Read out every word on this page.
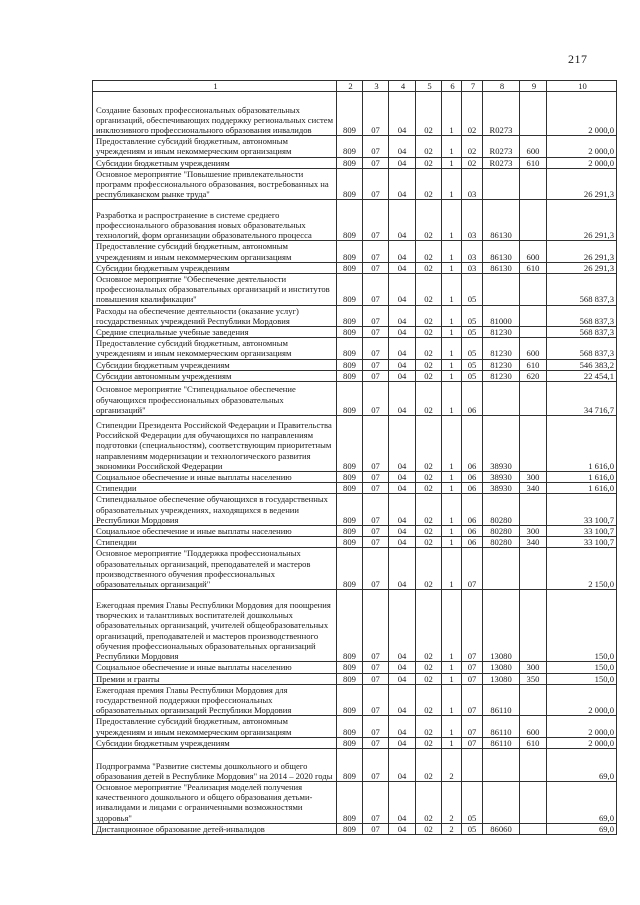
217
1	2	3	4	5	6	7	8	9	10
Создание базовых профессиональных образовательных организаций, обеспечивающих поддержку региональных систем инклюзивного профессионального образования инвалидов	809	07	04	02	1	02	R0273		2 000,0
Предоставление субсидий бюджетным, автономным учреждениям и иным некоммерческим организациям	809	07	04	02	1	02	R0273	600	2 000,0
Субсидии бюджетным учреждениям	809	07	04	02	1	02	R0273	610	2 000,0
Основное мероприятие "Повышение привлекательности программ профессионального образования, востребованных на республиканском рынке труда"	809	07	04	02	1	03			26 291,3
Разработка и распространение в системе среднего профессионального образования новых образовательных технологий, форм организации образовательного процесса	809	07	04	02	1	03	86130		26 291,3
Предоставление субсидий бюджетным, автономным учреждениям и иным некоммерческим организациям	809	07	04	02	1	03	86130	600	26 291,3
Субсидии бюджетным учреждениям	809	07	04	02	1	03	86130	610	26 291,3
Основное мероприятие "Обеспечение деятельности профессиональных образовательных организаций и институтов повышения квалификации"	809	07	04	02	1	05			568 837,3
Расходы на обеспечение деятельности (оказание услуг) государственных учреждений Республики Мордовия	809	07	04	02	1	05	81000		568 837,3
Средние специальные учебные заведения	809	07	04	02	1	05	81230		568 837,3
Предоставление субсидий бюджетным, автономным учреждениям и иным некоммерческим организациям	809	07	04	02	1	05	81230	600	568 837,3
Субсидии бюджетным учреждениям	809	07	04	02	1	05	81230	610	546 383,2
Субсидии автономным учреждениям	809	07	04	02	1	05	81230	620	22 454,1
Основное мероприятие "Стипендиальное обеспечение обучающихся профессиональных образовательных организаций"	809	07	04	02	1	06			34 716,7
Стипендии Президента Российской Федерации и Правительства Российской Федерации для обучающихся по направлениям подготовки (специальностям), соответствующим приоритетным направлениям модернизации и технологического развития экономики Российской Федерации	809	07	04	02	1	06	38930		1 616,0
Социальное обеспечение и иные выплаты населению	809	07	04	02	1	06	38930	300	1 616,0
Стипендии	809	07	04	02	1	06	38930	340	1 616,0
Стипендиальное обеспечение обучающихся в государственных образовательных учреждениях, находящихся в ведении Республики Мордовия	809	07	04	02	1	06	80280		33 100,7
Социальное обеспечение и иные выплаты населению	809	07	04	02	1	06	80280	300	33 100,7
Стипендии	809	07	04	02	1	06	80280	340	33 100,7
Основное мероприятие "Поддержка профессиональных образовательных организаций, преподавателей и мастеров производственного обучения профессиональных образовательных организаций"	809	07	04	02	1	07			2 150,0
Ежегодная премия Главы Республики Мордовия для поощрения творческих и талантливых воспитателей дошкольных образовательных организаций, учителей общеобразовательных организаций, преподавателей и мастеров производственного обучения профессиональных образовательных организаций Республики Мордовия	809	07	04	02	1	07	13080		150,0
Социальное обеспечение и иные выплаты населению	809	07	04	02	1	07	13080	300	150,0
Премии и гранты	809	07	04	02	1	07	13080	350	150,0
Ежегодная премия Главы Республики Мордовия для государственной поддержки профессиональных образовательных организаций Республики Мордовия	809	07	04	02	1	07	86110		2 000,0
Предоставление субсидий бюджетным, автономным учреждениям и иным некоммерческим организациям	809	07	04	02	1	07	86110	600	2 000,0
Субсидии бюджетным учреждениям	809	07	04	02	1	07	86110	610	2 000,0
Подпрограмма "Развитие системы дошкольного и общего образования детей в Республике Мордовия" на 2014 – 2020 годы	809	07	04	02	2				69,0
Основное мероприятие "Реализация моделей получения качественного дошкольного и общего образования детьми-инвалидами и лицами с ограниченными возможностями здоровья"	809	07	04	02	2	05			69,0
Дистанционное образование детей-инвалидов	809	07	04	02	2	05	86060		69,0
